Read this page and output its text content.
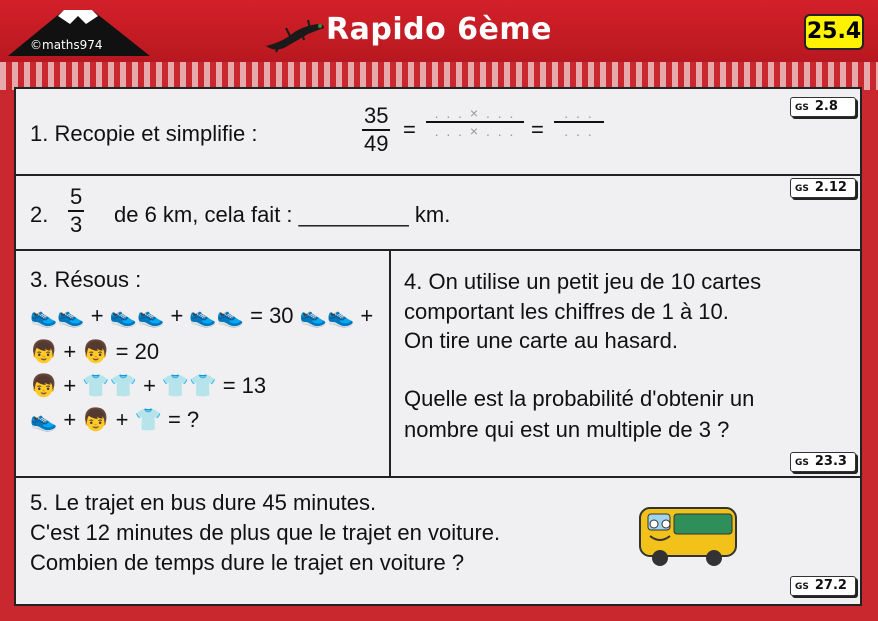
©maths974	Rapido 6ème	25.4
1. Recopie et simplifie :	$\frac{35}{49}$ =
. . . × . . .
. . . × . . . =
. . .
. . .
GS 2.8
2. $\frac{5}{3}$ de 6 km, cela fait : _________ km.
GS 2.12
3. Résous :
👟👟 + 👟👟 + 👟👟 = 30 👟👟 +
👦 + 👦 = 20
👦 + 👕👕 + 👕👕 = 13
👟 + 👦 + 👕 = ?
4. On utilise un petit jeu de 10 cartes
comportant les chiffres de 1 à 10.
On tire une carte au hasard.
Quelle est la probabilité d'obtenir un
nombre qui est un multiple de 3 ?
GS 23.3
5. Le trajet en bus dure 45 minutes.
C'est 12 minutes de plus que le trajet en voiture.
Combien de temps dure le trajet en voiture ?
GS 27.2
